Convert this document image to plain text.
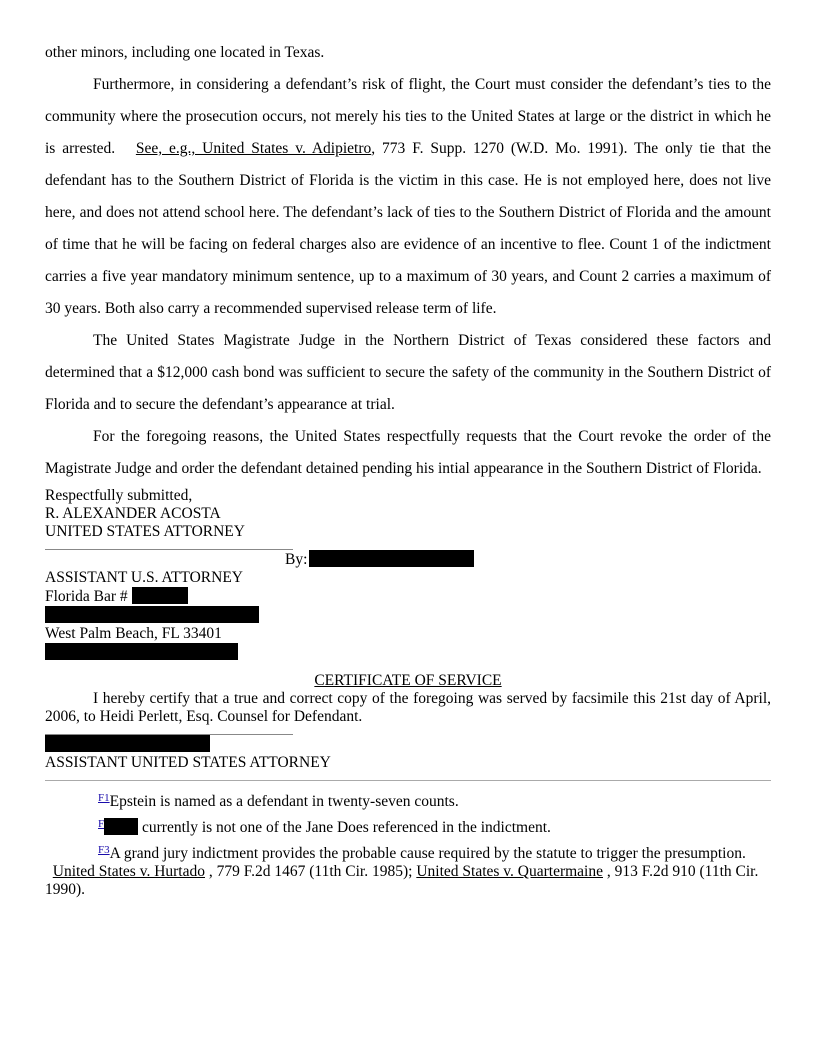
other minors, including one located in Texas.

Furthermore, in considering a defendant’s risk of flight, the Court must consider the defendant’s ties to the community where the prosecution occurs, not merely his ties to the United States at large or the district in which he is arrested. See, e.g., United States v. Adipietro, 773 F. Supp. 1270 (W.D. Mo. 1991). The only tie that the defendant has to the Southern District of Florida is the victim in this case. He is not employed here, does not live here, and does not attend school here. The defendant’s lack of ties to the Southern District of Florida and the amount of time that he will be facing on federal charges also are evidence of an incentive to flee. Count 1 of the indictment carries a five year mandatory minimum sentence, up to a maximum of 30 years, and Count 2 carries a maximum of 30 years. Both also carry a recommended supervised release term of life.

The United States Magistrate Judge in the Northern District of Texas considered these factors and determined that a $12,000 cash bond was sufficient to secure the safety of the community in the Southern District of Florida and to secure the defendant’s appearance at trial.

For the foregoing reasons, the United States respectfully requests that the Court revoke the order of the Magistrate Judge and order the defendant detained pending his intial appearance in the Southern District of Florida.

Respectfully submitted,
R. ALEXANDER ACOSTA
UNITED STATES ATTORNEY
By:
ASSISTANT U.S. ATTORNEY
Florida Bar #
West Palm Beach, FL 33401
CERTIFICATE OF SERVICE

I hereby certify that a true and correct copy of the foregoing was served by facsimile this 21st day of April, 2006, to Heidi Perlett, Esq. Counsel for Defendant.

ASSISTANT UNITED STATES ATTORNEY
$^{F1}$Epstein is named as a defendant in twenty-seven counts.
$^F$ currently is not one of the Jane Does referenced in the indictment.
$^{F3}$A grand jury indictment provides the probable cause required by the statute to trigger the presumption.
United States v. Hurtado , 779 F.2d 1467 (11th Cir. 1985); United States v. Quartermaine , 913 F.2d 910 (11th Cir. 1990).
